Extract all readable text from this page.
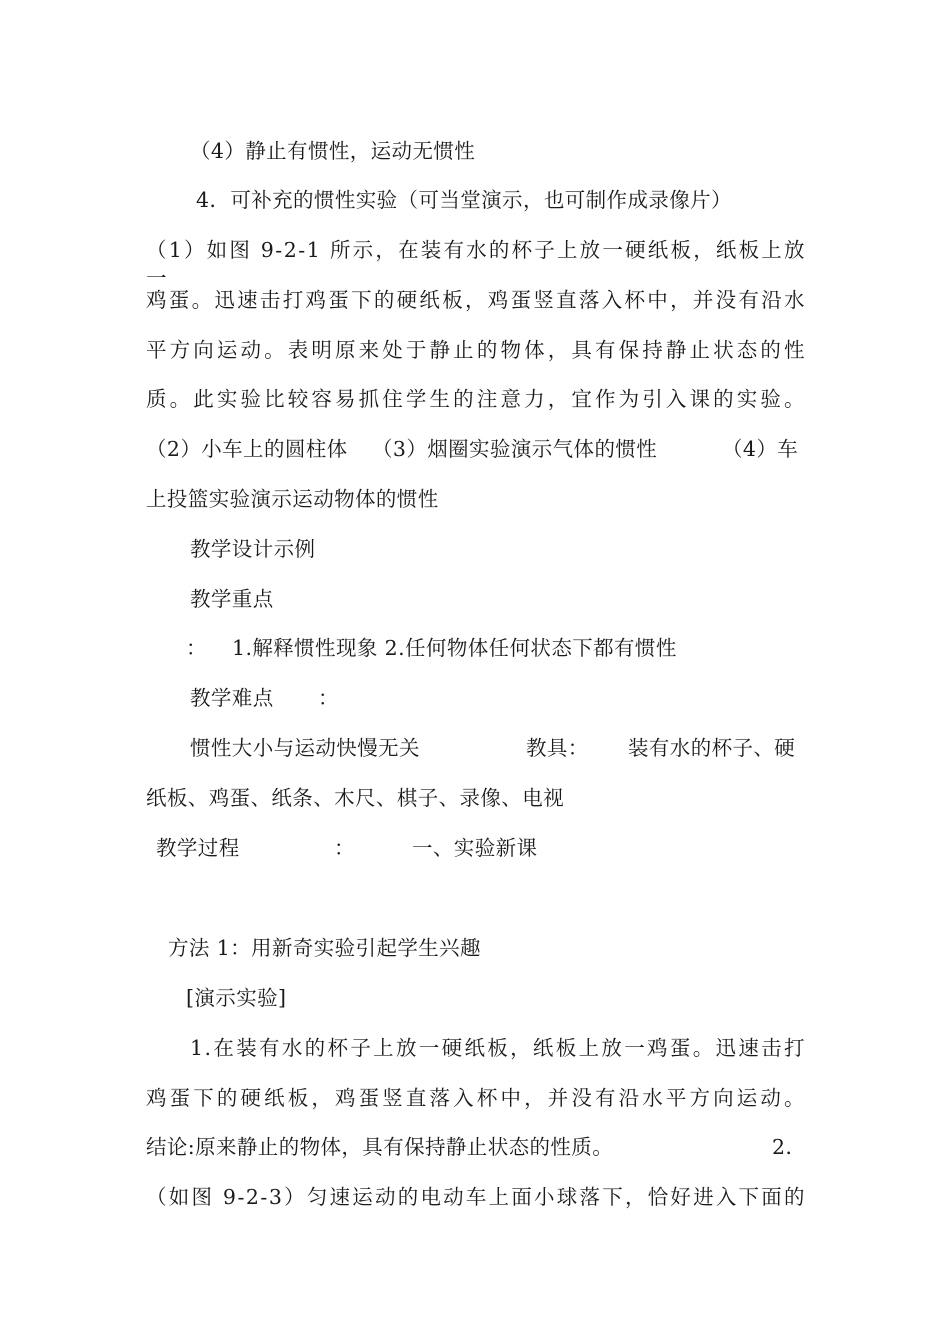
（4）静止有惯性，运动无惯性

4．可补充的惯性实验（可当堂演示，也可制作成录像片）

（1）如图 9-2-1 所示，在装有水的杯子上放一硬纸板，纸板上放一

鸡蛋。迅速击打鸡蛋下的硬纸板，鸡蛋竖直落入杯中，并没有沿水

平方向运动。表明原来处于静止的物体，具有保持静止状态的性

质。此实验比较容易抓住学生的注意力，宜作为引入课的实验。

（2）小车上的圆柱体 （3）烟圈实验演示气体的惯性	（4）车

上投篮实验演示运动物体的惯性

教学设计示例

教学重点

： 1.解释惯性现象 2.任何物体任何状态下都有惯性
教学难点 ：
惯性大小与运动快慢无关	教具： 装有水的杯子、硬

纸板、鸡蛋、纸条、木尺、棋子、录像、电视

教学过程	：	一、实验新课

方法 1：用新奇实验引起学生兴趣

[演示实验]

1.在装有水的杯子上放一硬纸板，纸板上放一鸡蛋。迅速击打

鸡蛋下的硬纸板，鸡蛋竖直落入杯中，并没有沿水平方向运动。

结论:原来静止的物体，具有保持静止状态的性质。	2．

（如图 9-2-3）匀速运动的电动车上面小球落下，恰好进入下面的
